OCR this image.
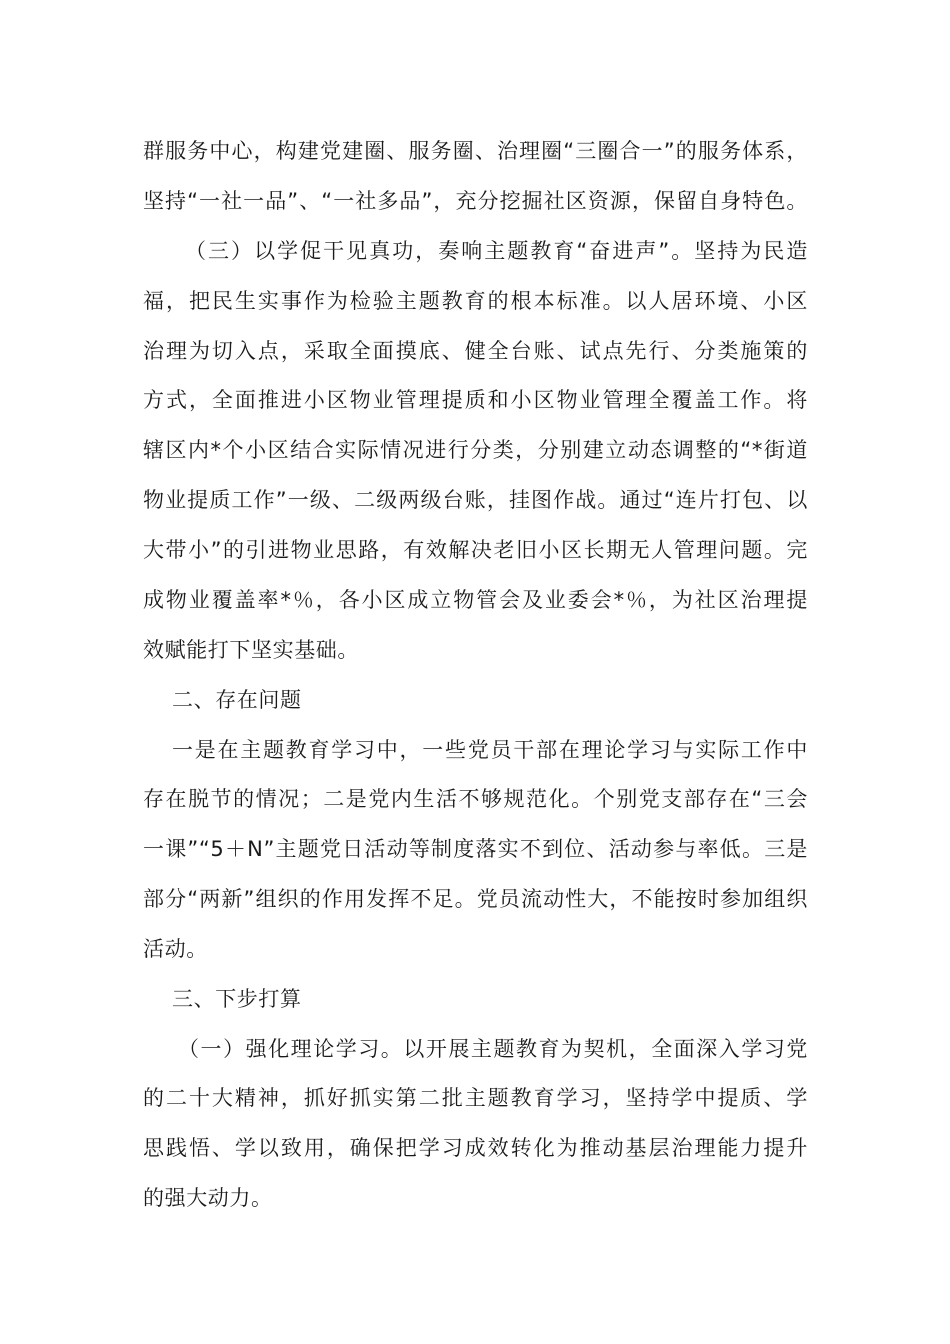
群服务中心，构建党建圈、服务圈、治理圈“三圈合一”的服务体系，
坚持“一社一品”、“一社多品”，充分挖掘社区资源，保留自身特色。
（三）以学促干见真功，奏响主题教育“奋进声”。坚持为民造
福，把民生实事作为检验主题教育的根本标准。以人居环境、小区
治理为切入点，采取全面摸底、健全台账、试点先行、分类施策的
方式，全面推进小区物业管理提质和小区物业管理全覆盖工作。将
辖区内*个小区结合实际情况进行分类，分别建立动态调整的“*街道
物业提质工作”一级、二级两级台账，挂图作战。通过“连片打包、以
大带小”的引进物业思路，有效解决老旧小区长期无人管理问题。完
成物业覆盖率*％，各小区成立物管会及业委会*％，为社区治理提
效赋能打下坚实基础。
二、存在问题
一是在主题教育学习中，一些党员干部在理论学习与实际工作中
存在脱节的情况；二是党内生活不够规范化。个别党支部存在“三会
一课”“5＋N”主题党日活动等制度落实不到位、活动参与率低。三是
部分“两新”组织的作用发挥不足。党员流动性大，不能按时参加组织
活动。
三、下步打算
（一）强化理论学习。以开展主题教育为契机，全面深入学习党
的二十大精神，抓好抓实第二批主题教育学习，坚持学中提质、学
思践悟、学以致用，确保把学习成效转化为推动基层治理能力提升
的强大动力。
